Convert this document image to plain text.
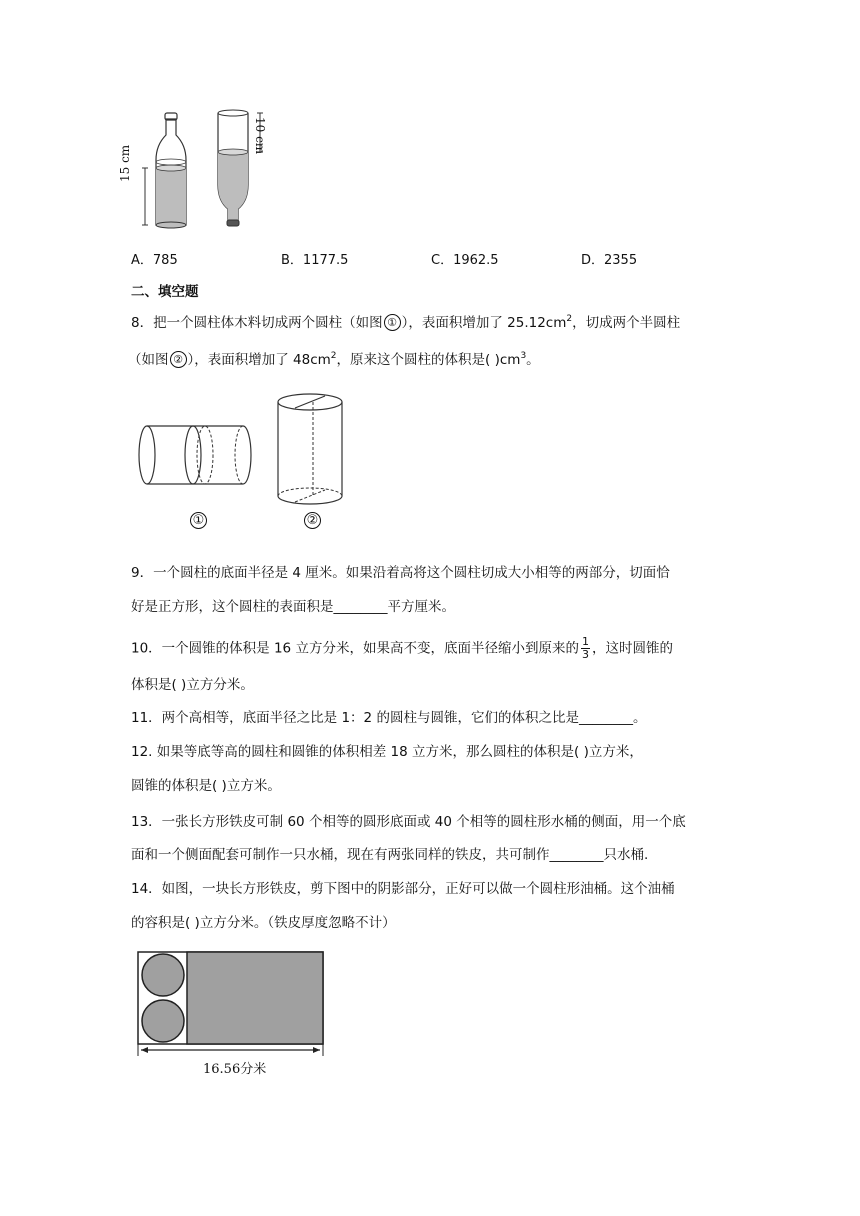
15 cm
10 cm
A．785	B．1177.5	C．1962.5	D．2355
二、填空题
8．把一个圆柱体木料切成两个圆柱（如图 ① ），表面积增加了 $25.12cm^2$，切成两个半圆柱
（如图 ② ），表面积增加了 $48cm^2$，原来这个圆柱的体积是( )$cm^3$。
①	②
9．一个圆柱的底面半径是 4 厘米。如果沿着高将这个圆柱切成大小相等的两部分，切面恰
好是正方形，这个圆柱的表面积是________平方厘米。
10．一个圆锥的体积是 16 立方分米，如果高不变，底面半径缩小到原来的 $\frac{1}{3}$ ，这时圆锥的
体积是( )立方分米。
11．两个高相等，底面半径之比是 1：2 的圆柱与圆锥，它们的体积之比是________。
12. 如果等底等高的圆柱和圆锥的体积相差 18 立方米，那么圆柱的体积是( )立方米，
圆锥的体积是( )立方米。
13．一张长方形铁皮可制 60 个相等的圆形底面或 40 个相等的圆柱形水桶的侧面，用一个底
面和一个侧面配套可制作一只水桶，现在有两张同样的铁皮，共可制作________只水桶.
14．如图，一块长方形铁皮，剪下图中的阴影部分，正好可以做一个圆柱形油桶。这个油桶
的容积是( )立方分米。（铁皮厚度忽略不计）
16.56分米
